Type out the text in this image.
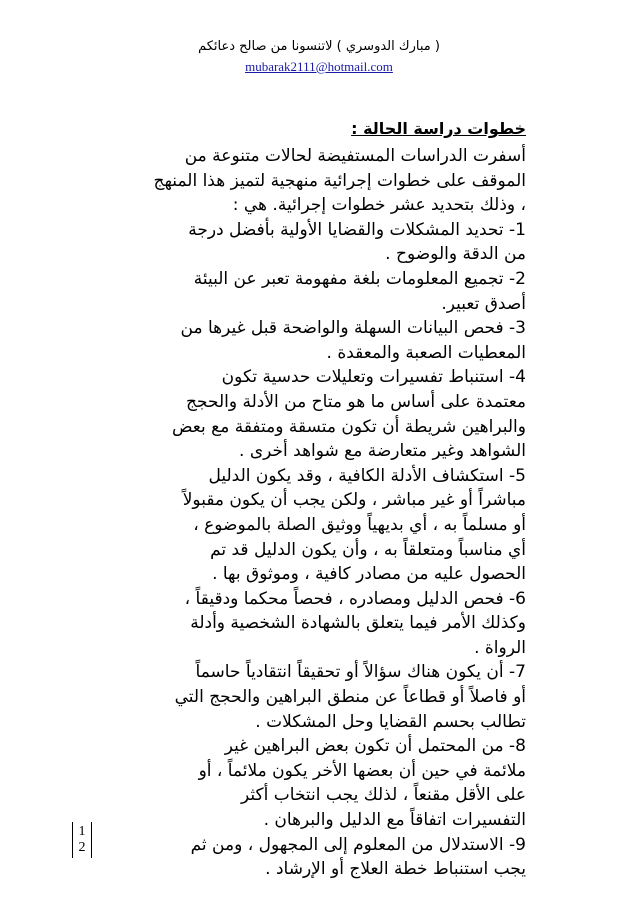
( مبارك الدوسري ) لاتنسونا من صالح دعائكم
mubarak2111@hotmail.com
خطوات دراسة الحالة :
أسفرت الدراسات المستفيضة لحالات متنوعة من
الموقف على خطوات إجرائية منهجية لتميز هذا المنهج
، وذلك بتحديد عشر خطوات إجرائية. هي :
1- تحديد المشكلات والقضايا الأولية بأفضل درجة
من الدقة والوضوح .
2- تجميع المعلومات بلغة مفهومة تعبر عن البيئة
أصدق تعبير.
3- فحص البيانات السهلة والواضحة قبل غيرها من
المعطيات الصعبة والمعقدة .
4- استنباط تفسيرات وتعليلات حدسية تكون
معتمدة على أساس ما هو متاح من الأدلة والحجج
والبراهين شريطة أن تكون متسقة ومتفقة مع بعض
الشواهد وغير متعارضة مع شواهد أخرى .
5- استكشاف الأدلة الكافية ، وقد يكون الدليل
مباشراً أو غير مباشر ، ولكن يجب أن يكون مقبولاً
أو مسلماً به ، أي بديهياً ووثيق الصلة بالموضوع ،
أي مناسباً ومتعلقاً به ، وأن يكون الدليل قد تم
الحصول عليه من مصادر كافية ، وموثوق بها .
6- فحص الدليل ومصادره ، فحصاً محكما ودقيقاً ،
وكذلك الأمر فيما يتعلق بالشهادة الشخصية وأدلة
الرواة .
7- أن يكون هناك سؤالاً أو تحقيقاً انتقادياً حاسماً
أو فاصلاً أو قطاعاً عن منطق البراهين والحجج التي
تطالب بحسم القضايا وحل المشكلات .
8- من المحتمل أن تكون بعض البراهين غير
ملائمة في حين أن بعضها الأخر يكون ملائماً ، أو
على الأقل مقنعاً ، لذلك يجب انتخاب أكثر
التفسيرات اتفاقاً مع الدليل والبرهان .
9- الاستدلال من المعلوم إلى المجهول ، ومن ثم
يجب استنباط خطة العلاج أو الإرشاد .
1
2
